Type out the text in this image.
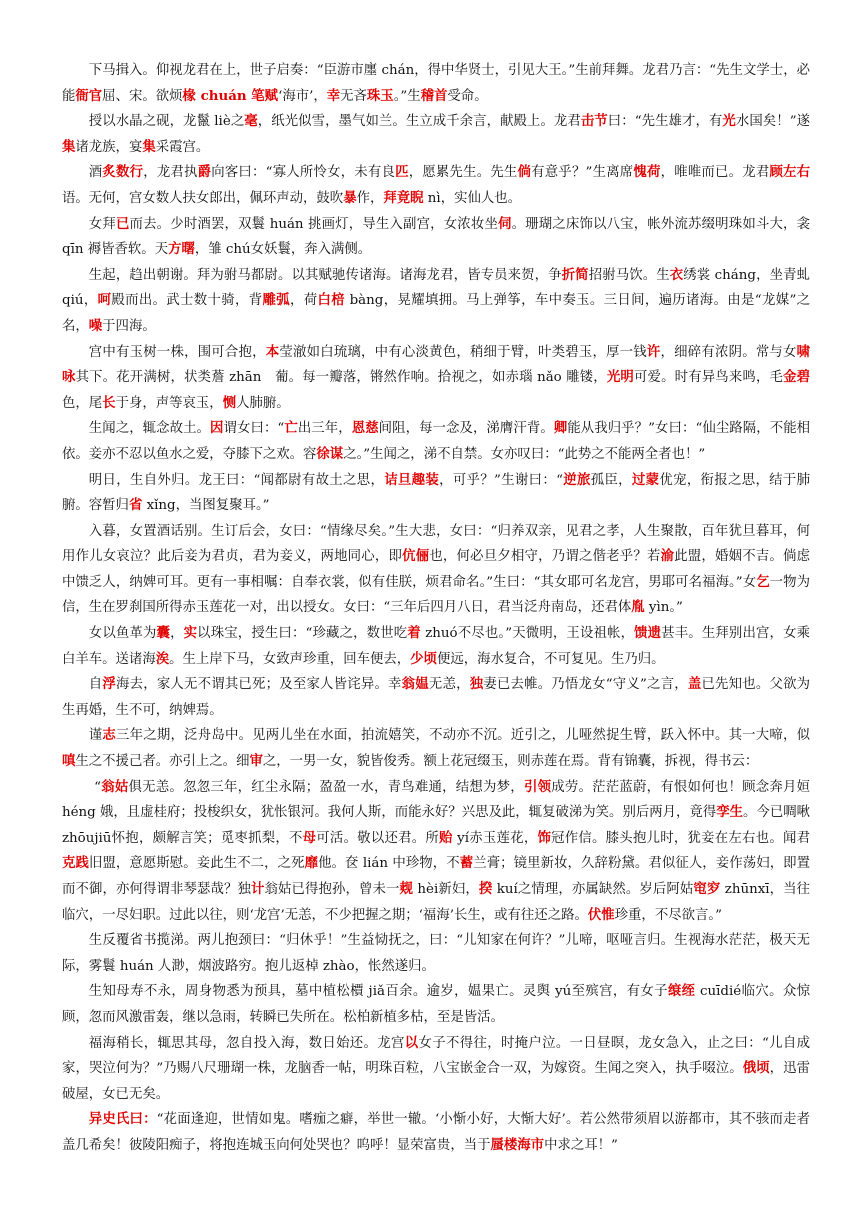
下马揖入。仰视龙君在上，世子启奏：“臣游市廛 chán，得中华贤士，引见大王。”生前拜舞。龙君乃言：“先生文学士，必能衙官屈、宋。欲烦椽 chuán 笔赋‘海市’，幸无吝珠玉。”生稽首受命。

授以水晶之砚，龙鬣 liè之毫，纸光似雪，墨气如兰。生立成千余言，献殿上。龙君击节曰：“先生雄才，有光水国矣！”遂集诸龙族，宴集采霞宫。

酒炙数行，龙君执爵向客曰：“寡人所怜女，未有良匹，愿累先生。先生倘有意乎？”生离席愧荷，唯唯而已。龙君顾左右语。无何，宫女数人扶女郎出，佩环声动，鼓吹暴作，拜竟睨 nì，实仙人也。

女拜已而去。少时酒罢，双鬟 huán 挑画灯，导生入副宫，女浓妆坐伺。珊瑚之床饰以八宝，帐外流苏缀明珠如斗大，衾 qīn 褥皆香软。天方曙，雏 chú女妖鬟，奔入满侧。

生起，趋出朝谢。拜为驸马都尉。以其赋驰传诸海。诸海龙君，皆专员来贺，争折简招驸马饮。生衣绣裳 cháng，坐青虬 qiú，呵殿而出。武士数十骑，背雕弧，荷白棓 bàng，晃耀填拥。马上弹筝，车中奏玉。三日间，遍历诸海。由是“龙媒”之名，噪于四海。

宫中有玉树一株，围可合抱，本莹澈如白琉璃，中有心淡黄色，稍细于臂，叶类碧玉，厚一钱许，细碎有浓阴。常与女啸咏其下。花开满树，状类薝 zhān　葡。每一瓣落，锵然作响。拾视之，如赤瑙 nǎo 雕镂，光明可爱。时有异鸟来鸣，毛金碧色，尾长于身，声等哀玉，恻人肺腑。

生闻之，辄念故土。因谓女曰：“亡出三年，恩慈间阻，每一念及，涕膺汗背。卿能从我归乎？”女曰：“仙尘路隔，不能相依。妾亦不忍以鱼水之爱，夺膝下之欢。容徐谋之。”生闻之，涕不自禁。女亦叹曰：“此势之不能两全者也！”

明日，生自外归。龙王曰：“闻都尉有故土之思，诘旦趣装，可乎？”生谢曰：“逆旅孤臣，过蒙优宠，衔报之思，结于肺腑。容暂归省 xǐng，当图复聚耳。”

入暮，女置酒话别。生订后会，女曰：“情缘尽矣。”生大悲，女曰：“归养双亲，见君之孝，人生聚散，百年犹旦暮耳，何用作儿女哀泣？此后妾为君贞，君为妾义，两地同心，即伉俪也，何必旦夕相守，乃谓之偕老乎？若渝此盟，婚姻不吉。倘虑中馈乏人，纳婢可耳。更有一事相嘱：自奉衣裳，似有佳朕，烦君命名。”生曰：“其女耶可名龙宫，男耶可名福海。”女乞一物为信，生在罗刹国所得赤玉莲花一对，出以授女。女曰：“三年后四月八日，君当泛舟南岛，还君体胤 yìn。”

女以鱼革为囊，实以珠宝，授生曰：“珍藏之，数世吃着 zhuó不尽也。”天微明，王设祖帐，馈遗甚丰。生拜别出宫，女乘白羊车。送诸海涘。生上岸下马，女致声珍重，回车便去，少顷便远，海水复合，不可复见。生乃归。

自浮海去，家人无不谓其已死；及至家人皆诧异。幸翁媪无恙，独妻已去帷。乃悟龙女“守义”之言，盖已先知也。父欲为生再婚，生不可，纳婢焉。

谨志三年之期，泛舟岛中。见两儿坐在水面，拍流嬉笑，不动亦不沉。近引之，儿哑然捉生臂，跃入怀中。其一大啼，似嗔生之不援己者。亦引上之。细审之，一男一女，貌皆俊秀。额上花冠缀玉，则赤莲在焉。背有锦囊，拆视，得书云：

“翁姑俱无恙。忽忽三年，红尘永隔；盈盈一水，青鸟难通，结想为梦，引领成劳。茫茫蓝蔚，有恨如何也！顾念奔月姮 héng 娥，且虚桂府；投梭织女，犹怅银河。我何人斯，而能永好？兴思及此，辄复破涕为笑。别后两月，竟得孪生。今已啁啾 zhōujiū怀抱，颇解言笑；觅枣抓梨，不母可活。敬以还君。所贻 yí赤玉莲花，饰冠作信。膝头抱儿时，犹妾在左右也。闻君克践旧盟，意愿斯慰。妾此生不二，之死靡他。奁 lián 中珍物，不蓄兰膏；镜里新妆，久辞粉黛。君似征人，妾作荡妇，即置而不御，亦何得谓非琴瑟哉？独计翁姑已得抱孙，曾未一觌 hèi新妇，揆 kuí之情理，亦属缺然。岁后阿姑窀穸 zhūnxī，当往临穴，一尽妇职。过此以往，则‘龙宫’无恙，不少把握之期；‘福海’长生，或有往还之路。伏惟珍重，不尽欲言。”

生反覆省书揽涕。两儿抱颈曰：“归休乎！”生益恸抚之，曰：“儿知家在何许？”儿啼，呕哑言归。生视海水茫茫，极天无际，雾鬟 huán 人渺，烟波路穷。抱儿返棹 zhào，怅然遂归。

生知母寿不永，周身物悉为预具，墓中植松檟 jiǎ百余。逾岁，媪果亡。灵舆 yú至殡宫，有女子缞绖 cuīdié临穴。众惊顾，忽而风激雷轰，继以急雨，转瞬已失所在。松柏新植多枯，至是皆活。

福海稍长，辄思其母，忽自投入海，数日始还。龙宫以女子不得往，时掩户泣。一日昼暝，龙女急入，止之曰：“儿自成家，哭泣何为？”乃赐八尺珊瑚一株，龙脑香一帖，明珠百粒，八宝嵌金合一双，为嫁资。生闻之突入，执手啜泣。俄顷，迅雷破屋，女已无矣。

异史氏曰：“花面逢迎，世情如鬼。嗜痂之癖，举世一辙。‘小惭小好，大惭大好’。若公然带须眉以游都市，其不骇而走者盖几希矣！彼陵阳痴子，将抱连城玉向何处哭也？呜呼！显荣富贵，当于蜃楼海市中求之耳！”
